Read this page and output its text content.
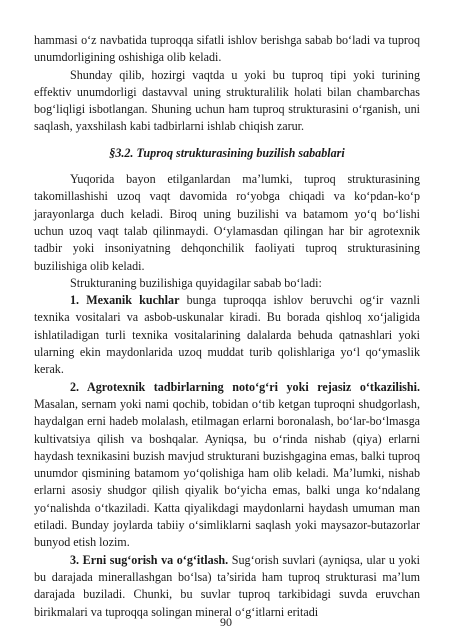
hammasi o‘z navbatida tuproqqa sifatli ishlov berishga sabab bo‘ladi va tuproq unumdorligining oshishiga olib keladi.

Shunday qilib, hozirgi vaqtda u yoki bu tuproq tipi yoki turining effektiv unumdorligi dastavval uning strukturalilik holati bilan chambarchas bog‘liqligi isbotlangan. Shuning uchun ham tuproq strukturasini o‘rganish, uni saqlash, yaxshilash kabi tadbirlarni ishlab chiqish zarur.

§3.2. Tuproq strukturasining buzilish sabablari

Yuqorida bayon etilganlardan ma’lumki, tuproq strukturasining takomillashishi uzoq vaqt davomida ro‘yobga chiqadi va ko‘pdan-ko‘p jarayonlarga duch keladi. Biroq uning buzilishi va batamom yo‘q bo‘lishi uchun uzoq vaqt talab qilinmaydi. O‘ylamasdan qilingan har bir agrotexnik tadbir yoki insoniyatning dehqonchilik faoliyati tuproq strukturasining buzilishiga olib keladi.

Strukturaning buzilishiga quyidagilar sabab bo‘ladi:

1. Mexanik kuchlar bunga tuproqqa ishlov beruvchi og‘ir vaznli texnika vositalari va asbob-uskunalar kiradi. Bu borada qishloq xo‘jaligida ishlatiladigan turli texnika vositalarining dalalarda behuda qatnashlari yoki ularning ekin maydonlarida uzoq muddat turib qolishlariga yo‘l qo‘ymaslik kerak.

2. Agrotexnik tadbirlarning noto‘g‘ri yoki rejasiz o‘tkazilishi. Masalan, sernam yoki nami qochib, tobidan o‘tib ketgan tuproqni shudgorlash, haydalgan erni hadeb molalash, etilmagan erlarni boronalash, bo‘lar-bo‘lmasga kultivatsiya qilish va boshqalar. Ayniqsa, bu o‘rinda nishab (qiya) erlarni haydash texnikasini buzish mavjud strukturani buzishgagina emas, balki tuproq unumdor qismining batamom yo‘qolishiga ham olib keladi. Ma’lumki, nishab erlarni asosiy shudgor qilish qiyalik bo‘yicha emas, balki unga ko‘ndalang yo‘nalishda o‘tkaziladi. Katta qiyalikdagi maydonlarni haydash umuman man etiladi. Bunday joylarda tabiiy o‘simliklarni saqlash yoki maysazor-butazorlar bunyod etish lozim.

3. Erni sug‘orish va o‘g‘itlash. Sug‘orish suvlari (ayniqsa, ular u yoki bu darajada minerallashgan bo‘lsa) ta’sirida ham tuproq strukturasi ma’lum darajada buziladi. Chunki, bu suvlar tuproq tarkibidagi suvda eruvchan birikmalari va tuproqqa solingan mineral o‘g‘itlarni eritadi

90
